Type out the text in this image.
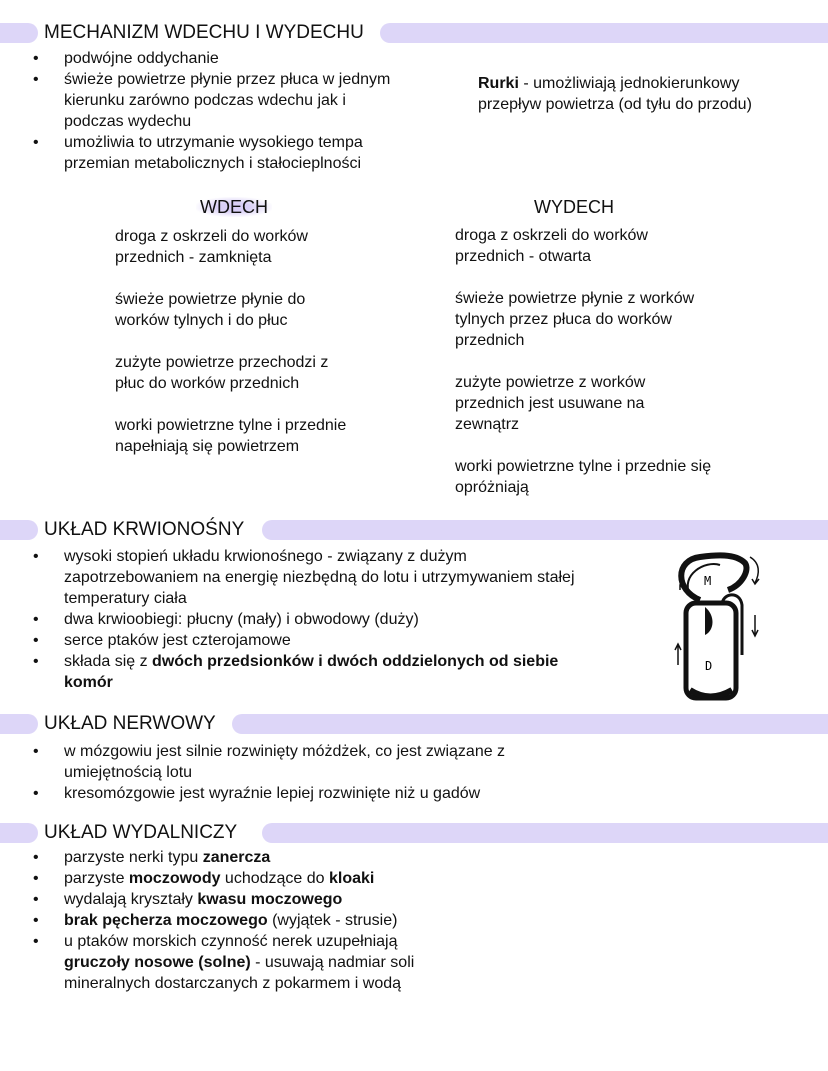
MECHANIZM WDECHU I WYDECHU
• podwójne oddychanie
• świeże powietrze płynie przez płuca w jednym kierunku zarówno podczas wdechu jak i podczas wydechu
• umożliwia to utrzymanie wysokiego tempa przemian metabolicznych i stałocieplności
Rurki - umożliwiają jednokierunkowy przepływ powietrza (od tyłu do przodu)
WDECH	WYDECH

droga z oskrzeli do worków przednich - zamknięta

świeże powietrze płynie do worków tylnych i do płuc

zużyte powietrze przechodzi z płuc do worków przednich

worki powietrzne tylne i przednie napełniają się powietrzem

droga z oskrzeli do worków przednich - otwarta

świeże powietrze płynie z worków tylnych przez płuca do worków przednich

zużyte powietrze z worków przednich jest usuwane na zewnątrz

worki powietrzne tylne i przednie się opróżniają

UKŁAD KRWIONOŚNY
• wysoki stopień układu krwionośnego - związany z dużym zapotrzebowaniem na energię niezbędną do lotu i utrzymywaniem stałej temperatury ciała
• dwa krwioobiegi: płucny (mały) i obwodowy (duży)
• serce ptaków jest czterojamowe
• składa się z dwóch przedsionków i dwóch oddzielonych od siebie komór
M
D
UKŁAD NERWOWY
• w mózgowiu jest silnie rozwinięty móżdżek, co jest związane z umiejętnością lotu
• kresomózgowie jest wyraźnie lepiej rozwinięte niż u gadów
UKŁAD WYDALNICZY
• parzyste nerki typu zanercza
• parzyste moczowody uchodzące do kloaki
• wydalają kryształy kwasu moczowego
• brak pęcherza moczowego (wyjątek - strusie)
• u ptaków morskich czynność nerek uzupełniają gruczoły nosowe (solne) - usuwają nadmiar soli mineralnych dostarczanych z pokarmem i wodą
